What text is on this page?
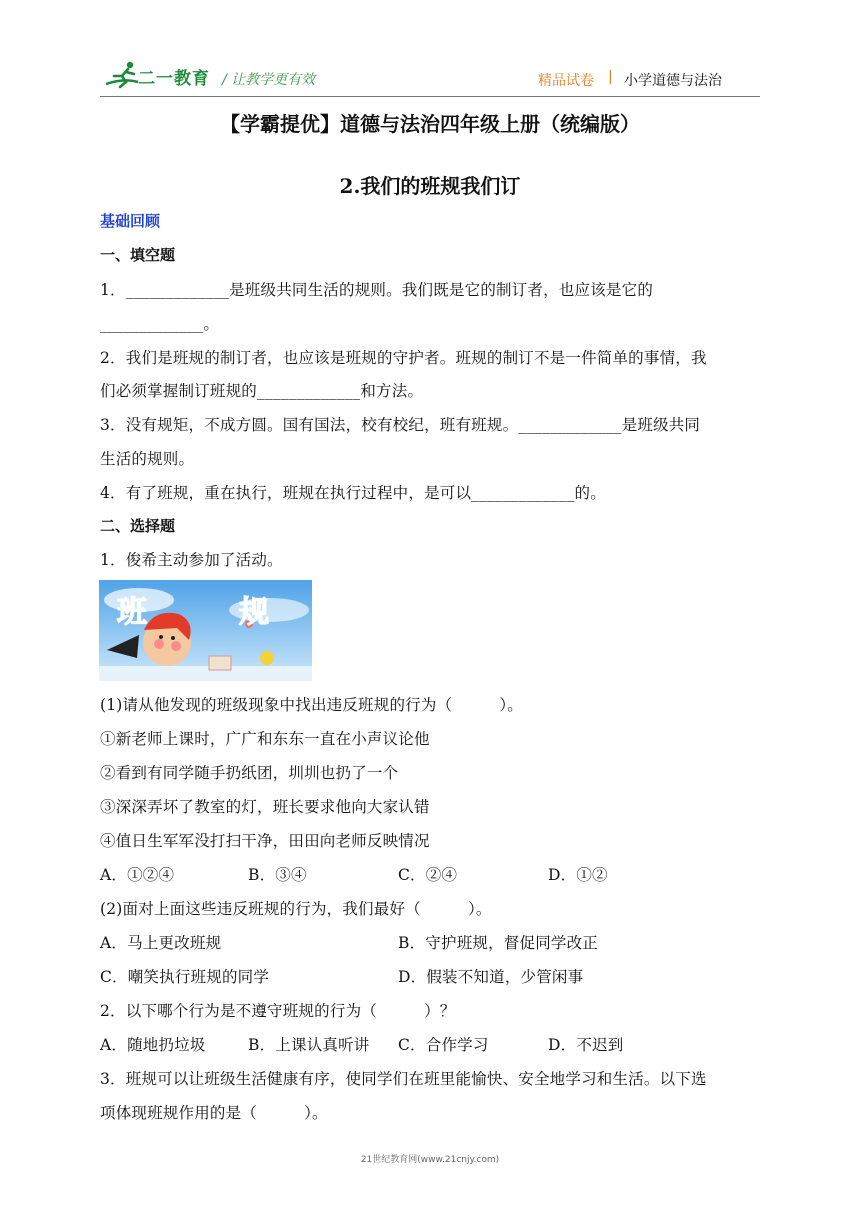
二一教育 / 让教学更有效	精品试卷 | 小学道德与法治
【学霸提优】道德与法治四年级上册（统编版）
2.我们的班规我们订
基础回顾
一、填空题
1．_____________是班级共同生活的规则。我们既是它的制订者，也应该是它的
_____________。
2．我们是班规的制订者，也应该是班规的守护者。班规的制订不是一件简单的事情，我
们必须掌握制订班规的_____________和方法。
3．没有规矩，不成方圆。国有国法，校有校纪，班有班规。_____________是班级共同
生活的规则。
4．有了班规，重在执行，班规在执行过程中，是可以_____________的。
二、选择题
1．俊希主动参加了活动。
班	规
(1)请从他发现的班级现象中找出违反班规的行为（　　　）。
①新老师上课时，广广和东东一直在小声议论他
②看到有同学随手扔纸团，圳圳也扔了一个
③深深弄坏了教室的灯，班长要求他向大家认错
④值日生军军没打扫干净，田田向老师反映情况
A．①②④	B．③④	C．②④	D．①②
(2)面对上面这些违反班规的行为，我们最好（　　　）。
A．马上更改班规	B．守护班规，督促同学改正
C．嘲笑执行班规的同学	D．假装不知道，少管闲事
2．以下哪个行为是不遵守班规的行为（　　　）？
A．随地扔垃圾	B．上课认真听讲 C．合作学习	D．不迟到
3．班规可以让班级生活健康有序，使同学们在班里能愉快、安全地学习和生活。以下选
项体现班规作用的是（　　　）。
21世纪教育网(www.21cnjy.com)
